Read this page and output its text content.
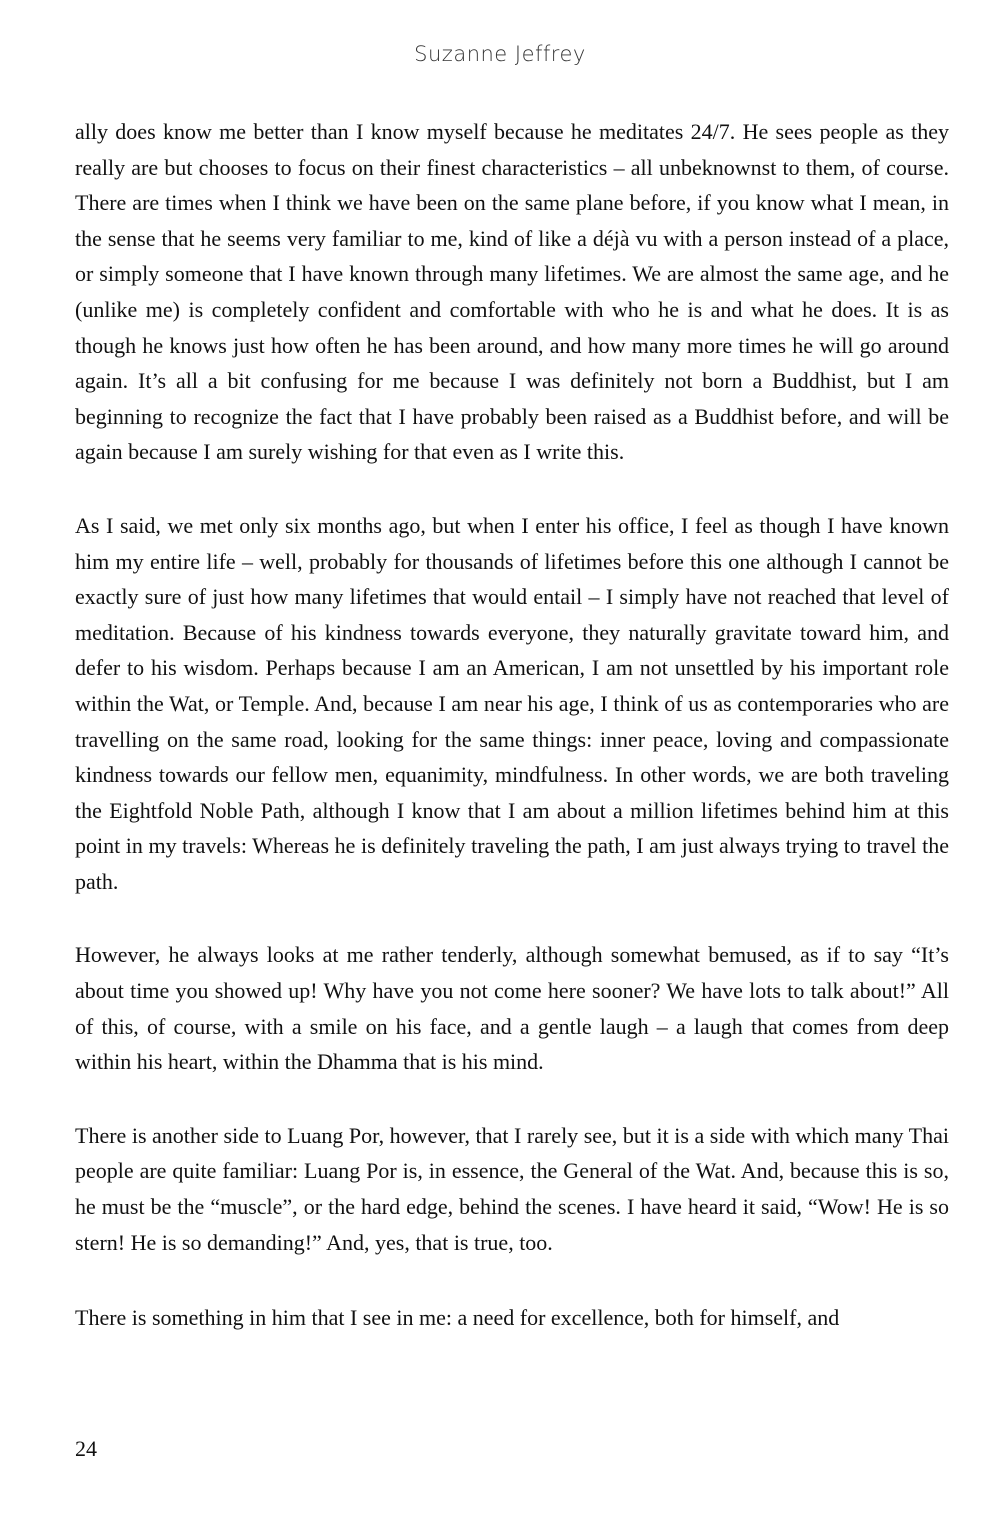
Suzanne Jeffrey

ally does know me better than I know myself because he meditates 24/7. He sees people as they really are but chooses to focus on their finest characteristics – all unbeknownst to them, of course. There are times when I think we have been on the same plane before, if you know what I mean, in the sense that he seems very familiar to me, kind of like a déjà vu with a person instead of a place, or simply someone that I have known through many lifetimes. We are almost the same age, and he (unlike me) is completely confident and comfortable with who he is and what he does. It is as though he knows just how often he has been around, and how many more times he will go around again. It’s all a bit confusing for me because I was definitely not born a Buddhist, but I am beginning to recognize the fact that I have probably been raised as a Buddhist before, and will be again because I am surely wishing for that even as I write this.

As I said, we met only six months ago, but when I enter his office, I feel as though I have known him my entire life – well, probably for thousands of lifetimes before this one although I cannot be exactly sure of just how many lifetimes that would entail – I simply have not reached that level of meditation. Because of his kindness towards everyone, they naturally gravitate toward him, and defer to his wisdom. Perhaps because I am an American, I am not unsettled by his important role within the Wat, or Temple. And, because I am near his age, I think of us as contemporaries who are travelling on the same road, looking for the same things: inner peace, loving and compassionate kindness towards our fellow men, equanimity, mindfulness. In other words, we are both traveling the Eightfold Noble Path, although I know that I am about a million lifetimes behind him at this point in my travels: Whereas he is definitely traveling the path, I am just always trying to travel the path.

However, he always looks at me rather tenderly, although somewhat bemused, as if to say “It’s about time you showed up! Why have you not come here sooner? We have lots to talk about!” All of this, of course, with a smile on his face, and a gentle laugh – a laugh that comes from deep within his heart, within the Dhamma that is his mind.

There is another side to Luang Por, however, that I rarely see, but it is a side with which many Thai people are quite familiar: Luang Por is, in essence, the General of the Wat. And, because this is so, he must be the “muscle”, or the hard edge, behind the scenes. I have heard it said, “Wow! He is so stern! He is so demanding!” And, yes, that is true, too.

There is something in him that I see in me: a need for excellence, both for himself, and

24
